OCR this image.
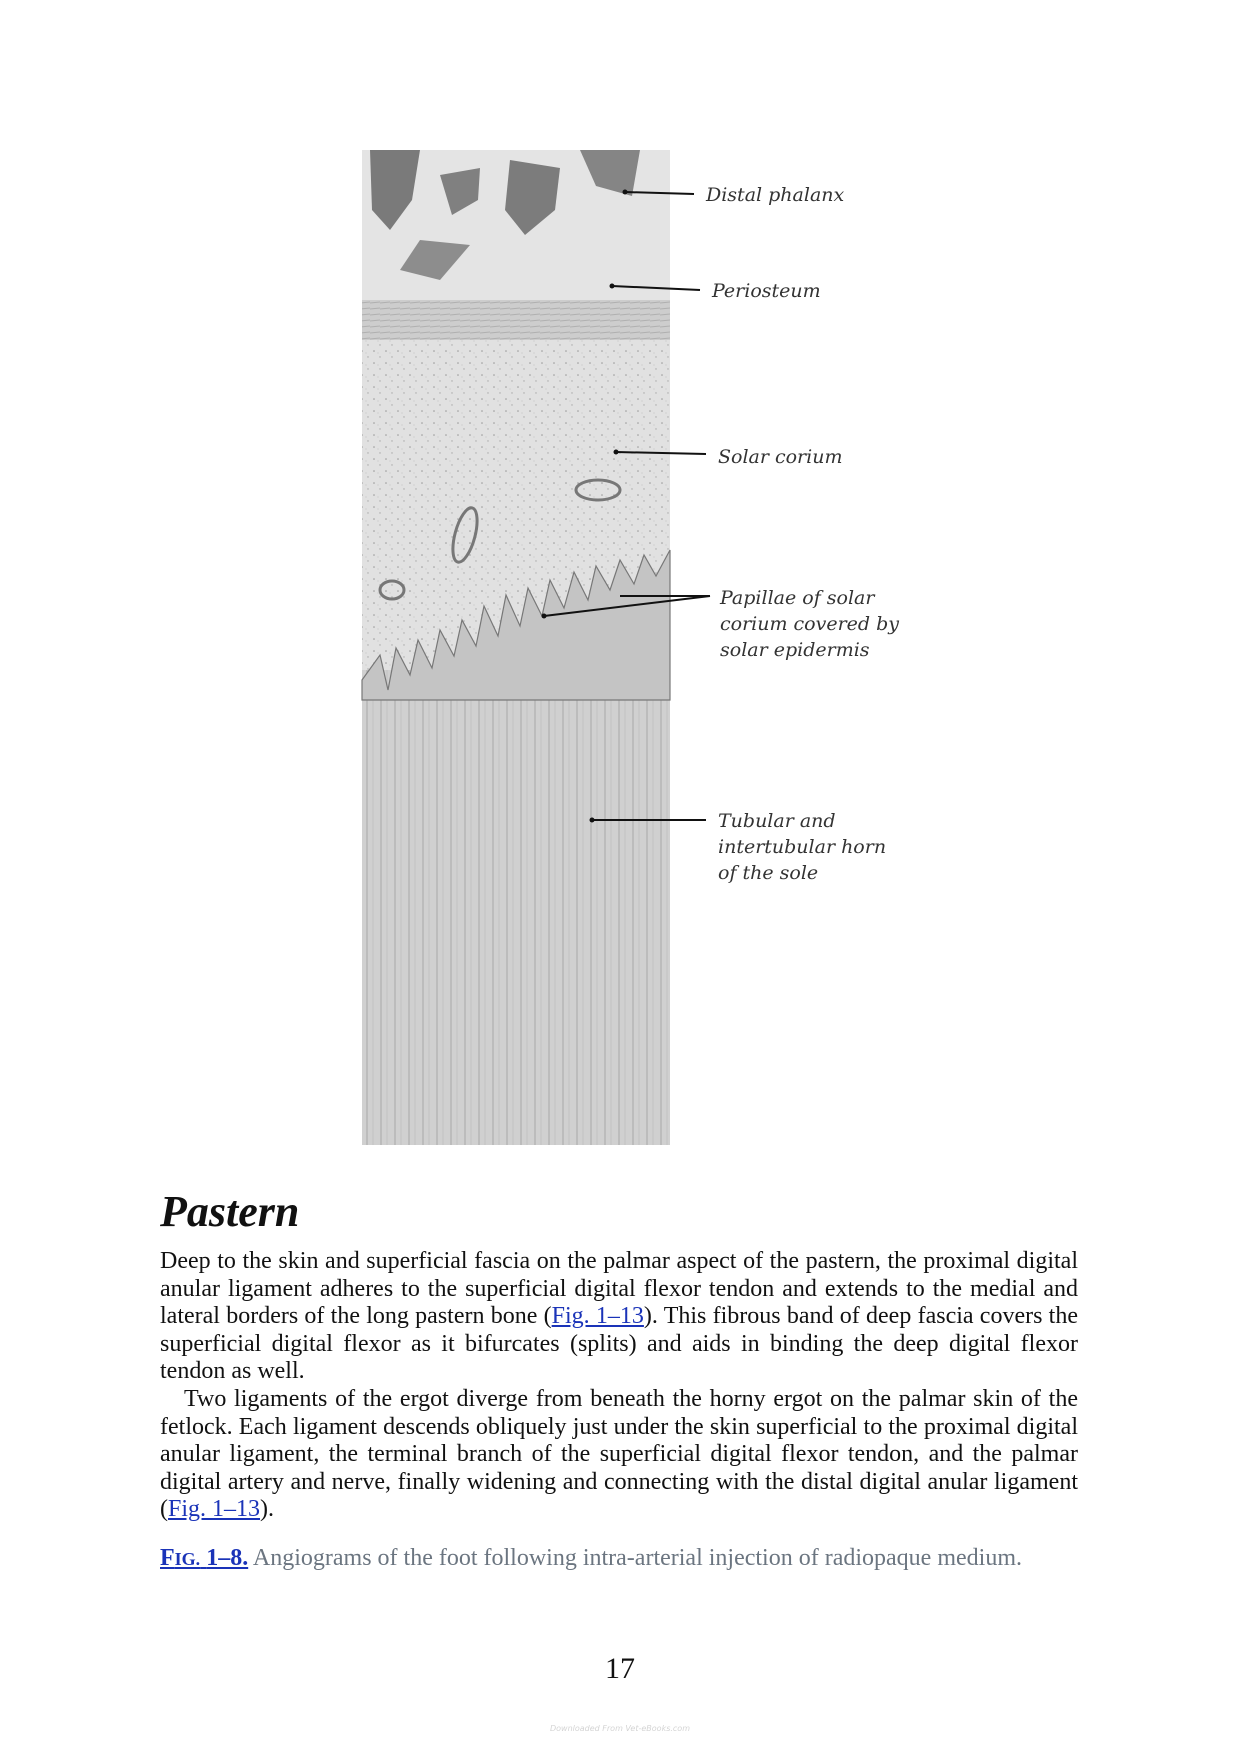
Distal phalanx
Periosteum
Solar corium
Papillae of solar
corium covered by
solar epidermis
Tubular and
intertubular horn
of the sole
Pastern

Deep to the skin and superficial fascia on the palmar aspect of the pastern, the proximal digital anular ligament adheres to the superficial digital flexor tendon and extends to the medial and lateral borders of the long pastern bone (Fig. 1–13). This fibrous band of deep fascia covers the superficial digital flexor as it bifurcates (splits) and aids in binding the deep digital flexor tendon as well.

Two ligaments of the ergot diverge from beneath the horny ergot on the palmar skin of the fetlock. Each ligament descends obliquely just under the skin superficial to the proximal digital anular ligament, the terminal branch of the superficial digital flexor tendon, and the palmar digital artery and nerve, finally widening and connecting with the distal digital anular ligament (Fig. 1–13).

FIG. 1–8. Angiograms of the foot following intra-arterial injection of radiopaque medium.
17
Downloaded From Vet-eBooks.com
